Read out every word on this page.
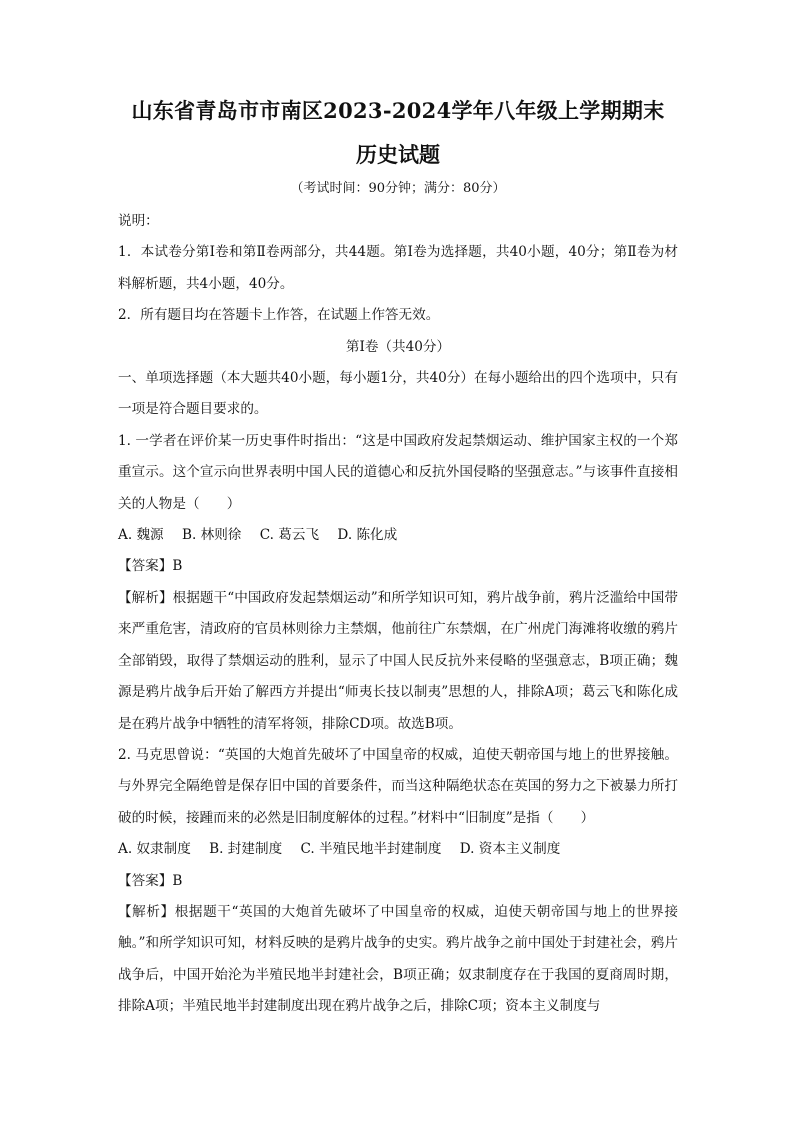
山东省青岛市市南区2023-2024学年八年级上学期期末
历史试题
（考试时间：90分钟；满分：80分）

说明：

1．本试卷分第Ⅰ卷和第Ⅱ卷两部分，共44题。第Ⅰ卷为选择题，共40小题，40分；第Ⅱ卷为材料解析题，共4小题，40分。

2．所有题目均在答题卡上作答，在试题上作答无效。

第Ⅰ卷（共40分）

一、单项选择题（本大题共40小题，每小题1分，共40分）在每小题给出的四个选项中，只有一项是符合题目要求的。

1. 一学者在评价某一历史事件时指出：“这是中国政府发起禁烟运动、维护国家主权的一个郑重宣示。这个宣示向世界表明中国人民的道德心和反抗外国侵略的坚强意志。”与该事件直接相关的人物是（　　）

A. 魏源 B. 林则徐 C. 葛云飞 D. 陈化成

【答案】B

【解析】根据题干“中国政府发起禁烟运动”和所学知识可知，鸦片战争前，鸦片泛滥给中国带来严重危害，清政府的官员林则徐力主禁烟，他前往广东禁烟，在广州虎门海滩将收缴的鸦片全部销毁，取得了禁烟运动的胜利，显示了中国人民反抗外来侵略的坚强意志，B项正确；魏源是鸦片战争后开始了解西方并提出“师夷长技以制夷”思想的人，排除A项；葛云飞和陈化成是在鸦片战争中牺牲的清军将领，排除CD项。故选B项。

2. 马克思曾说：“英国的大炮首先破坏了中国皇帝的权威，迫使天朝帝国与地上的世界接触。与外界完全隔绝曾是保存旧中国的首要条件，而当这种隔绝状态在英国的努力之下被暴力所打破的时候，接踵而来的必然是旧制度解体的过程。”材料中“旧制度”是指（　　）

A. 奴隶制度 B. 封建制度 C. 半殖民地半封建制度 D. 资本主义制度

【答案】B

【解析】根据题干“英国的大炮首先破坏了中国皇帝的权威，迫使天朝帝国与地上的世界接触。”和所学知识可知，材料反映的是鸦片战争的史实。鸦片战争之前中国处于封建社会，鸦片战争后，中国开始沦为半殖民地半封建社会，B项正确；奴隶制度存在于我国的夏商周时期，排除A项；半殖民地半封建制度出现在鸦片战争之后，排除C项；资本主义制度与
